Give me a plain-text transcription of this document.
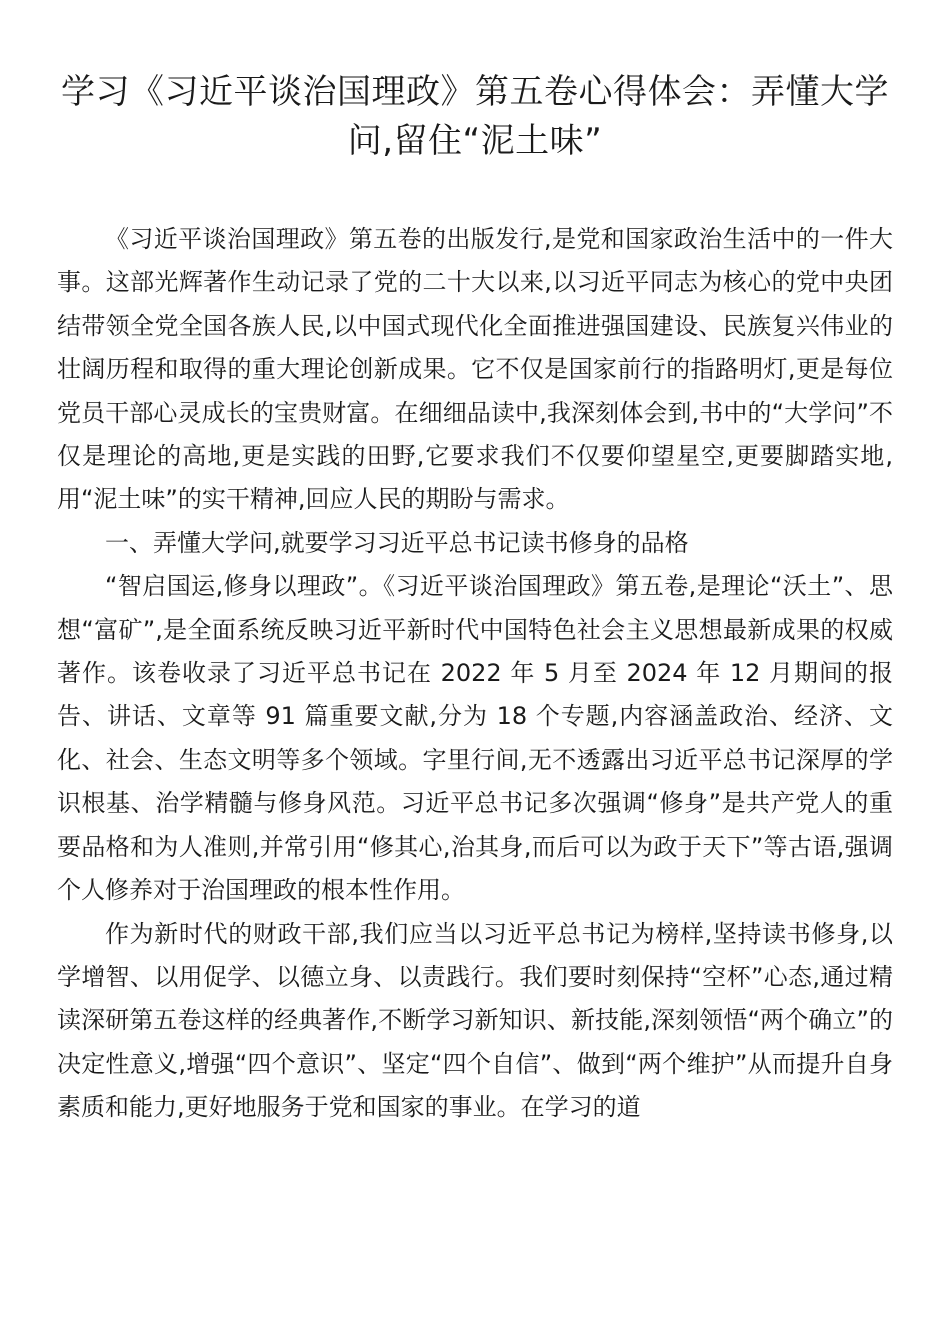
学习《习近平谈治国理政》第五卷心得体会：弄懂大学问,留住“泥土味”

《习近平谈治国理政》第五卷的出版发行,是党和国家政治生活中的一件大事。这部光辉著作生动记录了党的二十大以来,以习近平同志为核心的党中央团结带领全党全国各族人民,以中国式现代化全面推进强国建设、民族复兴伟业的壮阔历程和取得的重大理论创新成果。它不仅是国家前行的指路明灯,更是每位党员干部心灵成长的宝贵财富。在细细品读中,我深刻体会到,书中的“大学问”不仅是理论的高地,更是实践的田野,它要求我们不仅要仰望星空,更要脚踏实地,用“泥土味”的实干精神,回应人民的期盼与需求。

一、弄懂大学问,就要学习习近平总书记读书修身的品格

“智启国运,修身以理政”。《习近平谈治国理政》第五卷,是理论“沃土”、思想“富矿”,是全面系统反映习近平新时代中国特色社会主义思想最新成果的权威著作。该卷收录了习近平总书记在 2022 年 5 月至 2024 年 12 月期间的报告、讲话、文章等 91 篇重要文献,分为 18 个专题,内容涵盖政治、经济、文化、社会、生态文明等多个领域。字里行间,无不透露出习近平总书记深厚的学识根基、治学精髓与修身风范。习近平总书记多次强调“修身”是共产党人的重要品格和为人准则,并常引用“修其心,治其身,而后可以为政于天下”等古语,强调个人修养对于治国理政的根本性作用。

作为新时代的财政干部,我们应当以习近平总书记为榜样,坚持读书修身,以学增智、以用促学、以德立身、以责践行。我们要时刻保持“空杯”心态,通过精读深研第五卷这样的经典著作,不断学习新知识、新技能,深刻领悟“两个确立”的决定性意义,增强“四个意识”、坚定“四个自信”、做到“两个维护”从而提升自身素质和能力,更好地服务于党和国家的事业。在学习的道
